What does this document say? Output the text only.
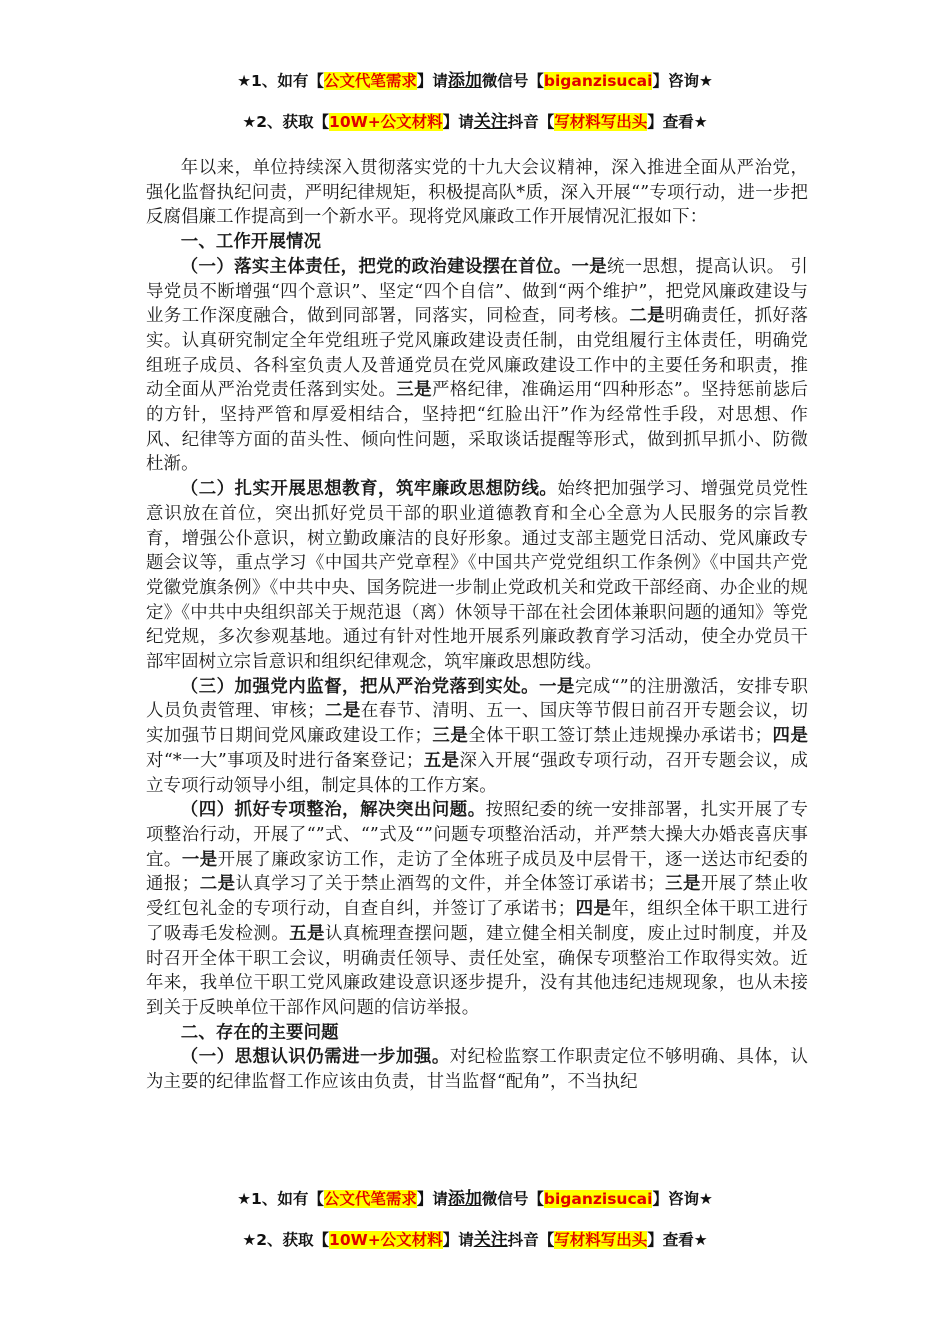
★1、如有【公文代笔需求】请添加微信号【biganzisucai】咨询★
★2、获取【10W+公文材料】请关注抖音【写材料写出头】查看★

年以来，单位持续深入贯彻落实党的十九大会议精神，深入推进全面从严治党，强化监督执纪问责，严明纪律规矩，积极提高队*质，深入开展“”专项行动，进一步把反腐倡廉工作提高到一个新水平。现将党风廉政工作开展情况汇报如下：

一、工作开展情况

（一）落实主体责任，把党的政治建设摆在首位。一是统一思想，提高认识。 引导党员不断增强“四个意识”、坚定“四个自信”、做到“两个维护”，把党风廉政建设与业务工作深度融合，做到同部署，同落实，同检查，同考核。二是明确责任，抓好落实。认真研究制定全年党组班子党风廉政建设责任制，由党组履行主体责任，明确党组班子成员、各科室负责人及普通党员在党风廉政建设工作中的主要任务和职责，推动全面从严治党责任落到实处。三是严格纪律，准确运用“四种形态”。坚持惩前毖后的方针，坚持严管和厚爱相结合，坚持把“红脸出汗”作为经常性手段，对思想、作风、纪律等方面的苗头性、倾向性问题，采取谈话提醒等形式，做到抓早抓小、防微杜渐。

（二）扎实开展思想教育，筑牢廉政思想防线。始终把加强学习、增强党员党性意识放在首位，突出抓好党员干部的职业道德教育和全心全意为人民服务的宗旨教育，增强公仆意识，树立勤政廉洁的良好形象。通过支部主题党日活动、党风廉政专题会议等，重点学习《中国共产党章程》《中国共产党党组织工作条例》《中国共产党党徽党旗条例》《中共中央、国务院进一步制止党政机关和党政干部经商、办企业的规定》《中共中央组织部关于规范退（离）休领导干部在社会团体兼职问题的通知》等党纪党规，多次参观基地。通过有针对性地开展系列廉政教育学习活动，使全办党员干部牢固树立宗旨意识和组织纪律观念，筑牢廉政思想防线。

（三）加强党内监督，把从严治党落到实处。一是完成“”的注册激活，安排专职人员负责管理、审核；二是在春节、清明、五一、国庆等节假日前召开专题会议，切实加强节日期间党风廉政建设工作；三是全体干职工签订禁止违规操办承诺书；四是对“*一大”事项及时进行备案登记；五是深入开展“强政专项行动，召开专题会议，成立专项行动领导小组，制定具体的工作方案。

（四）抓好专项整治，解决突出问题。按照纪委的统一安排部署，扎实开展了专项整治行动，开展了“”式、“”式及“”问题专项整治活动，并严禁大操大办婚丧喜庆事宜。一是开展了廉政家访工作，走访了全体班子成员及中层骨干，逐一送达市纪委的通报；二是认真学习了关于禁止酒驾的文件，并全体签订承诺书；三是开展了禁止收受红包礼金的专项行动，自查自纠，并签订了承诺书；四是年，组织全体干职工进行了吸毒毛发检测。五是认真梳理查摆问题，建立健全相关制度，废止过时制度，并及时召开全体干职工会议，明确责任领导、责任处室，确保专项整治工作取得实效。近年来，我单位干职工党风廉政建设意识逐步提升，没有其他违纪违规现象，也从未接到关于反映单位干部作风问题的信访举报。

二、存在的主要问题

（一）思想认识仍需进一步加强。对纪检监察工作职责定位不够明确、具体，认为主要的纪律监督工作应该由负责，甘当监督“配角”，不当执纪

★1、如有【公文代笔需求】请添加微信号【biganzisucai】咨询★
★2、获取【10W+公文材料】请关注抖音【写材料写出头】查看★
